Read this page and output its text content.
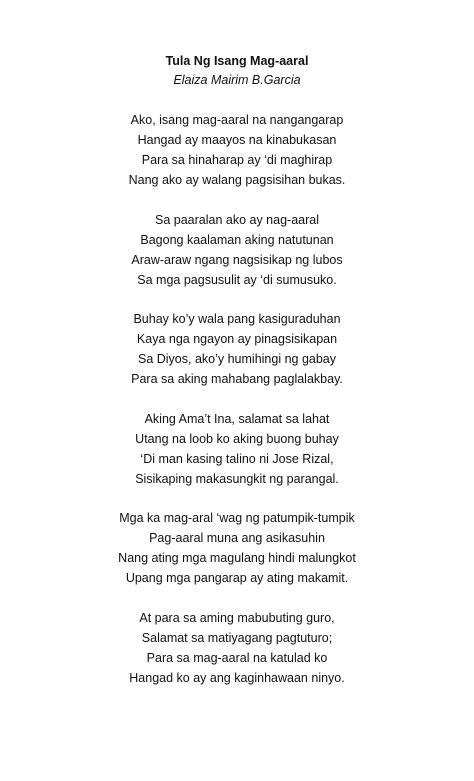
Tula Ng Isang Mag-aaral
Elaiza Mairim B.Garcia
Ako, isang mag-aaral na nangangarap
Hangad ay maayos na kinabukasan
Para sa hinaharap ay ‘di maghirap
Nang ako ay walang pagsisihan bukas.
Sa paaralan ako ay nag-aaral
Bagong kaalaman aking natutunan
Araw-araw ngang nagsisikap ng lubos
Sa mga pagsusulit ay ‘di sumusuko.
Buhay ko’y wala pang kasiguraduhan
Kaya nga ngayon ay pinagsisikapan
Sa Diyos, ako’y humihingi ng gabay
Para sa aking mahabang paglalakbay.
Aking Ama’t Ina, salamat sa lahat
Utang na loob ko aking buong buhay
‘Di man kasing talino ni Jose Rizal,
Sisikaping makasungkit ng parangal.
Mga ka mag-aral ‘wag ng patumpik-tumpik
Pag-aaral muna ang asikasuhin
Nang ating mga magulang hindi malungkot
Upang mga pangarap ay ating makamit.
At para sa aming mabubuting guro,
Salamat sa matiyagang pagtuturo;
Para sa mag-aaral na katulad ko
Hangad ko ay ang kaginhawaan ninyo.
